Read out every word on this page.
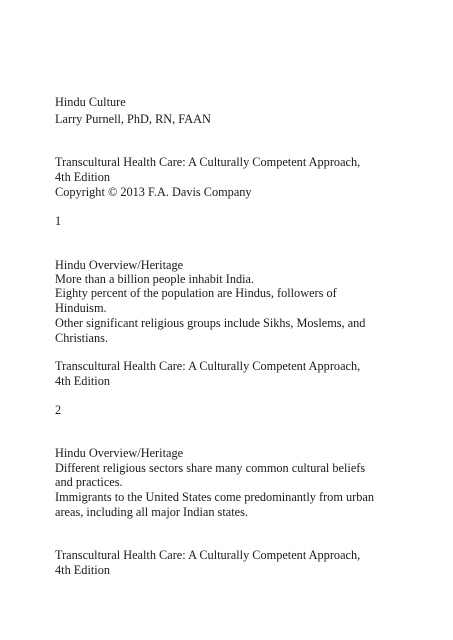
Hindu Culture

Larry Purnell, PhD, RN, FAAN

Transcultural Health Care: A Culturally Competent Approach,

4th Edition

Copyright © 2013 F.A. Davis Company

1

Hindu Overview/Heritage

More than a billion people inhabit India.

Eighty percent of the population are Hindus, followers of

Hinduism.

Other significant religious groups include Sikhs, Moslems, and

Christians.

Transcultural Health Care: A Culturally Competent Approach,

4th Edition

2

Hindu Overview/Heritage

Different religious sectors share many common cultural beliefs

and practices.

Immigrants to the United States come predominantly from urban

areas, including all major Indian states.

Transcultural Health Care: A Culturally Competent Approach,

4th Edition
